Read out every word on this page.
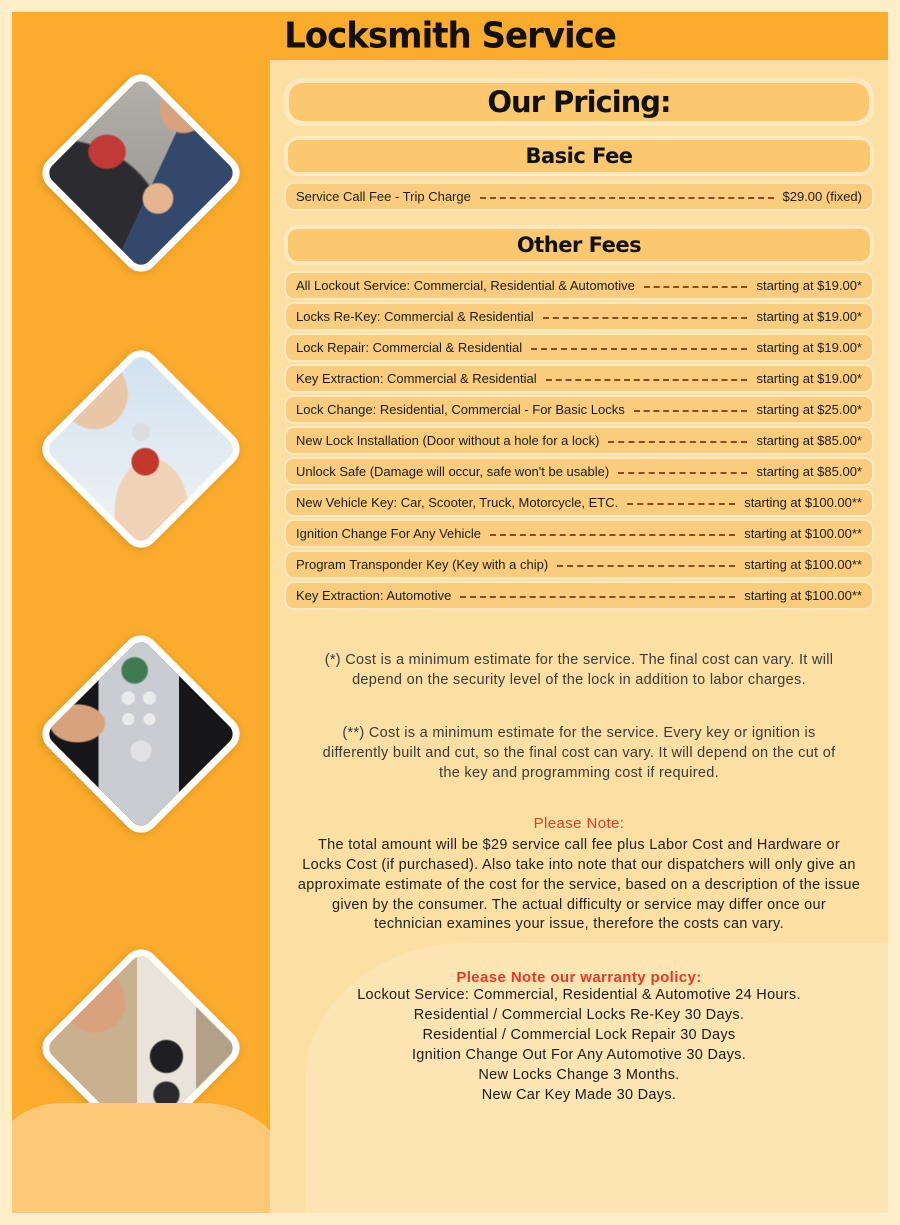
Locksmith Service
Our Pricing:
Basic Fee
Service Call Fee - Trip Charge	$29.00 (fixed)
Other Fees
All Lockout Service: Commercial, Residential & Automotive	starting at $19.00*
Locks Re-Key: Commercial & Residential	starting at $19.00*
Lock Repair: Commercial & Residential	starting at $19.00*
Key Extraction: Commercial & Residential	starting at $19.00*
Lock Change: Residential, Commercial - For Basic Locks	starting at $25.00*
New Lock Installation (Door without a hole for a lock)	starting at $85.00*
Unlock Safe (Damage will occur, safe won't be usable)	starting at $85.00*
New Vehicle Key: Car, Scooter, Truck, Motorcycle, ETC.	starting at $100.00**
Ignition Change For Any Vehicle	starting at $100.00**
Program Transponder Key (Key with a chip)	starting at $100.00**
Key Extraction: Automotive	starting at $100.00**

(*) Cost is a minimum estimate for the service. The final cost can vary. It will depend on the security level of the lock in addition to labor charges.

(**) Cost is a minimum estimate for the service. Every key or ignition is differently built and cut, so the final cost can vary. It will depend on the cut of the key and programming cost if required.

Please Note:

The total amount will be $29 service call fee plus Labor Cost and Hardware or Locks Cost (if purchased). Also take into note that our dispatchers will only give an approximate estimate of the cost for the service, based on a description of the issue given by the consumer. The actual difficulty or service may differ once our technician examines your issue, therefore the costs can vary.

Please Note our warranty policy:

Lockout Service: Commercial, Residential & Automotive 24 Hours.

Residential / Commercial Locks Re-Key 30 Days.

Residential / Commercial Lock Repair 30 Days

Ignition Change Out For Any Automotive 30 Days.

New Locks Change 3 Months.

New Car Key Made 30 Days.
